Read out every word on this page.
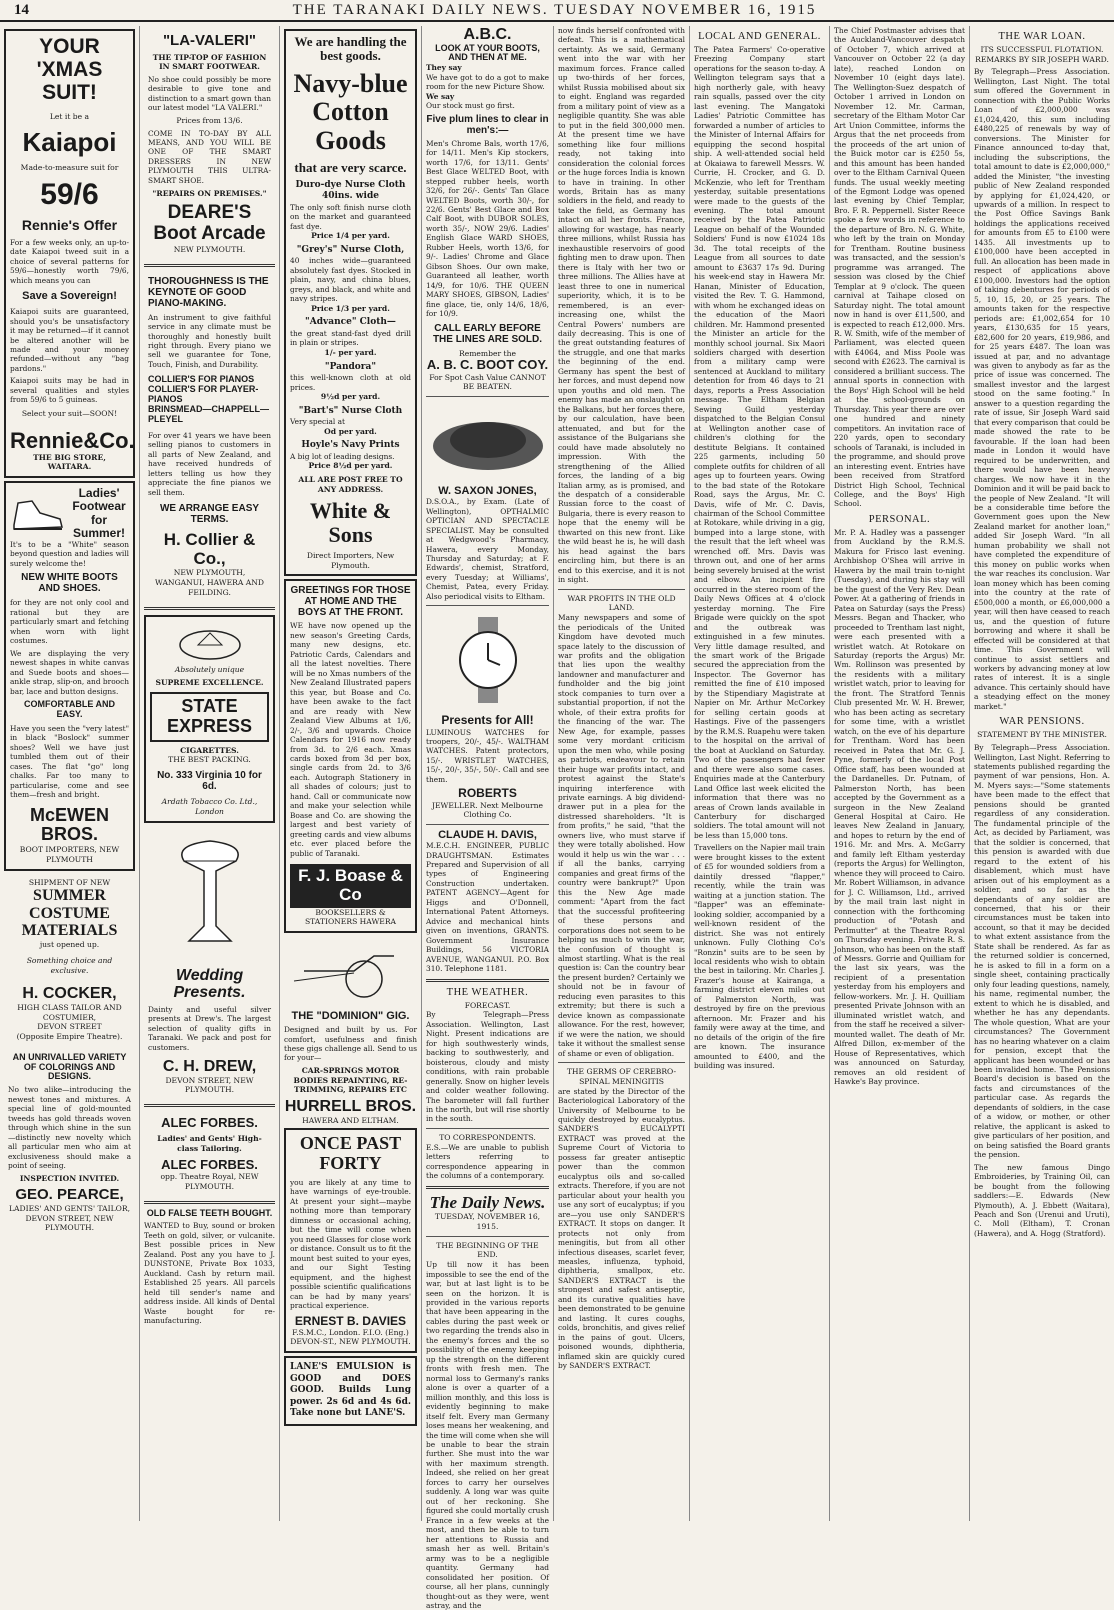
14	THE TARANAKI DAILY NEWS. TUESDAY NOVEMBER 16, 1915
YOUR
'XMAS
SUIT!
Let it be a
Kaiapoi
Made-to-measure suit for
59/6
Rennie's Offer
For a few weeks only, an up-to-date Kaiapoi tweed suit in a choice of several patterns for 59/6—honestly worth 79/6, which means you can
Save a Sovereign!
Kaiapoi suits are guaranteed, should you's be unsatisfactory it may be returned—if it cannot be altered another will be made and your money refunded—without any "bag pardons."
Kaiapoi suits may be had in several qualities and styles from 59/6 to 5 guineas.
Select your suit—SOON!
Rennie&Co.
THE BIG STORE,
WAITARA.
Ladies' Footwear for Summer!
It's to be a "White" season beyond question and ladies will surely welcome the!
NEW WHITE BOOTS AND SHOES.
for they are not only cool and rational but they are particularly smart and fetching when worn with light costumes.
We are displaying the very newest shapes in white canvas and Suede boots and shoes—ankle strap, slip-on, and brooch bar, lace and button designs.
COMFORTABLE AND EASY.
Have you seen the "very latest" in black "Boslock" summer shoes? Well we have just tumbled them out of their cases. The flat "go" long chalks. Far too many to particularise, come and see them—fresh and bright.
McEWEN BROS.
BOOT IMPORTERS, NEW PLYMOUTH
SHIPMENT OF NEW
SUMMER
COSTUME
MATERIALS
just opened up.
Something choice and exclusive.
H. COCKER,
HIGH CLASS TAILOR AND COSTUMIER,
DEVON STREET
(Opposite Empire Theatre).
AN UNRIVALLED VARIETY OF COLORINGS AND DESIGNS.
No two alike—introducing the newest tones and mixtures. A special line of gold-mounted tweeds has gold threads woven through which shine in the sun—distinctly new novelty which all particular men who aim at exclusiveness should make a point of seeing.
INSPECTION INVITED.
GEO. PEARCE,
LADIES' AND GENTS' TAILOR, DEVON STREET, NEW PLYMOUTH.
"LA-VALERI"
THE TIP-TOP OF FASHION IN SMART FOOTWEAR.
No shoe could possibly be more desirable to give tone and distinction to a smart gown than our latest model "LA VALERI."
Prices from 13/6.
COME IN TO-DAY BY ALL MEANS, AND YOU WILL BE ONE OF THE SMART DRESSERS IN NEW PLYMOUTH THIS ULTRA-SMART SHOE.
"REPAIRS ON PREMISES."
DEARE'S Boot Arcade
NEW PLYMOUTH.
THOROUGHNESS IS THE KEYNOTE OF GOOD PIANO-MAKING.
An instrument to give faithful service in any climate must be thoroughly and honestly built right through. Every piano we sell we guarantee for Tone, Touch, Finish, and Durability.
COLLIER'S FOR PIANOS
COLLIER'S FOR PLAYER-PIANOS
BRINSMEAD—CHAPPELL—PLEYEL
For over 41 years we have been selling pianos to customers in all parts of New Zealand, and have received hundreds of letters telling us how they appreciate the fine pianos we sell them.
WE ARRANGE EASY TERMS.
H. Collier & Co.,
NEW PLYMOUTH, WANGANUI, HAWERA AND FEILDING.
Absolutely unique
SUPREME EXCELLENCE.
STATE EXPRESS
CIGARETTES.
THE BEST PACKING.
No. 333 Virginia 10 for 6d.
Ardath Tobacco Co. Ltd., London
Wedding Presents.
Dainty and useful silver presents at Drew's. The largest selection of quality gifts in Taranaki. We pack and post for customers.
C. H. DREW,
DEVON STREET, NEW PLYMOUTH.
ALEC FORBES.
Ladies' and Gents' High-class Tailoring.
ALEC FORBES.
opp. Theatre Royal, NEW PLYMOUTH.
OLD FALSE TEETH BOUGHT.
WANTED to Buy, sound or broken Teeth on gold, silver, or vulcanite. Best possible prices in New Zealand. Post any you have to J. DUNSTONE, Private Box 1033, Auckland. Cash by return mail. Established 25 years. All parcels held till sender's name and address inside. All kinds of Dental Waste bought for re-manufacturing.
We are handling the best goods.
Navy-blue Cotton Goods
that are very scarce.
Duro-dye Nurse Cloth 40ins. wide
The only soft finish nurse cloth on the market and guaranteed fast dye.
Price 1/4 per yard.
"Grey's" Nurse Cloth,
40 inches wide—guaranteed absolutely fast dyes. Stocked in plain, navy, and china blues, greys, and black, and white and navy stripes.
Price 1/3 per yard.
"Advance" Cloth—
the great stand-fast dyed drill in plain or stripes.
1/- per yard.
"Pandora"
this well-known cloth at old prices.
9½d per yard.
"Bart's" Nurse Cloth
Very special at
Od per yard.
Hoyle's Navy Prints
A big lot of leading designs.
Price 8½d per yard.
ALL ARE POST FREE TO ANY ADDRESS.
White & Sons
Direct Importers, New Plymouth.
GREETINGS FOR THOSE AT HOME AND THE BOYS AT THE FRONT.
WE have now opened up the new season's Greeting Cards, many new designs, etc. Patriotic Cards, Calendars and all the latest novelties. There will be no Xmas numbers of the New Zealand Illustrated papers this year, but Boase and Co. have been awake to the fact and are ready with New Zealand View Albums at 1/6, 2/-, 3/6 and upwards. Choice Calendars for 1916 now ready from 3d. to 2/6 each. Xmas cards boxed from 3d per box, single cards from 2d. to 3/6 each. Autograph Stationery in all shades of colours; just to hand. Call or communicate now and make your selection while Boase and Co. are showing the largest and best variety of greeting cards and view albums etc. ever placed before the public of Taranaki.
F. J. Boase & Co
BOOKSELLERS & STATIONERS HAWERA
THE "DOMINION" GIG.
Designed and built by us. For comfort, usefulness and finish these gigs challenge all. Send to us for your—
CAR-SPRINGS MOTOR BODIES REPAINTING, RE-TRIMMING, REPAIRS ETC
HURRELL BROS.
HAWERA AND ELTHAM.
ONCE PAST FORTY
you are likely at any time to have warnings of eye-trouble. At present your sight—maybe nothing more than temporary dimness or occasional aching, but the time will come when you need Glasses for close work or distance. Consult us to fit the mount best suited to your eyes, and our Sight Testing equipment, and the highest possible scientific qualifications can be had by many years' practical experience.
ERNEST B. DAVIES
F.S.M.C., London. F.I.O. (Eng.)
DEVON-ST., NEW PLYMOUTH.
LANE'S EMULSION is GOOD and DOES GOOD. Builds Lung power. 2s 6d and 4s 6d. Take none but LANE'S.
A.B.C.
LOOK AT YOUR BOOTS, AND THEN AT ME.
They say
We have got to do a got to make room for the new Picture Show.
We say
Our stock must go first.
Five plum lines to clear in men's:—
Men's Chrome Bals, worth 17/6, for 14/11. Men's Kip stockers, worth 17/6, for 13/11. Gents' Best Glace WELTED Boot, with stepped rubber heels, worth 32/6, for 26/-. Gents' Tan Glace WELTED Boots, worth 30/-, for 22/6. Gents' Best Glace and Box Calf Boot, with DUBOR SOLES, worth 35/-, NOW 29/6. Ladies' English Glace WARD SHOES, Rubber Heels, worth 13/6, for 9/-. Ladies' Chrome and Glace Gibson Shoes. Our own make, Guaranteed all leather, worth 14/9, for 10/6. THE QUEEN MARY SHOES, GIBSON, Ladies' fine glace, tie, only 14/6, 18/6, for 10/9.
CALL EARLY BEFORE THE LINES ARE SOLD.
Remember the
A. B. C. BOOT COY.
For Spot Cash Value CANNOT BE BEATEN.
W. SAXON JONES,
D.S.O.A., by Exam. (Late of Wellington), OPTHALMIC OPTICIAN AND SPECTACLE SPECIALIST. May be consulted at Wedgwood's Pharmacy, Hawera, every Monday, Thursday and Saturday; at F. Edwards', chemist, Stratford, every Tuesday; at Williams', Chemist, Patea, every Friday. Also periodical visits to Eltham.
Presents for All!
LUMINOUS WATCHES for troopers, 20/-, 45/-. WALTHAM WATCHES. Patent protectors, 15/-. WRISTLET WATCHES, 15/-, 20/-, 35/-, 50/-. Call and see them.
ROBERTS
JEWELLER. Next Melbourne Clothing Co.
CLAUDE H. DAVIS,
M.E.C.H. ENGINEER, PUBLIC DRAUGHTSMAN. Estimates Prepared and Supervision of all types of Engineering Construction undertaken. PATENT AGENCY—Agent for Higgs and O'Donnell, International Patent Attorneys. Advice and mechanical hints given on inventions, GRANTS. Government Insurance Buildings, 56 VICTORIA AVENUE, WANGANUI. P.O. Box 310. Telephone 1181.
THE WEATHER.
FORECAST.
By Telegraph—Press Association. Wellington, Last Night. Present indications are for high southwesterly winds, backing to southwesterly, and boisterous, cloudy and misty conditions, with rain probable generally. Snow on higher levels and colder weather following. The barometer will fall further in the north, but will rise shortly in the south.
TO CORRESPONDENTS.
E.S.—We are unable to publish letters referring to correspondence appearing in the columns of a contemporary.
The Daily News.
TUESDAY, NOVEMBER 16, 1915.
THE BEGINNING OF THE END.
Up till now it has been impossible to see the end of the war, but at last light is to be seen on the horizon. It is provided in the various reports that have been appearing in the cables during the past week or two regarding the trends also in the enemy's forces and the so possibility of the enemy keeping up the strength on the different fronts with fresh men. The normal loss to Germany's ranks alone is over a quarter of a million monthly, and this loss is evidently beginning to make itself felt. Every man Germany loses means her weakening, and the time will come when she will be unable to bear the strain further. She must into the war with her maximum strength. Indeed, she relied on her great forces to carry her ourselves suddenly. A long war was quite out of her reckoning. She figured she could mortally crush France in a few weeks at the most, and then be able to turn her attentions to Russia and smash her as well. Britain's army was to be a negligible quantity. Germany had consolidated her position. Of course, all her plans, cunningly thought-out as they were, went astray, and the
now finds herself confronted with defeat. This is a mathematical certainty. As we said, Germany went into the war with her maximum forces. France called up two-thirds of her forces, whilst Russia mobilised about six to eight. England was regarded from a military point of view as a negligible quantity. She was able to put in the field 300,000 men. At the present time we have something like four millions ready, not taking into consideration the colonial forces or the huge forces India is known to have in training. In other words, Britain has as many soldiers in the field, and ready to take the field, as Germany has intact on all her fronts. France, allowing for wastage, has nearly three millions, whilst Russia has inexhaustible reservoirs of good fighting men to draw upon. Then there is Italy with her two or three millions. The Allies have at least three to one in numerical superiority, which, it is to be remembered, is an ever-increasing one, whilst the Central Powers' numbers are daily decreasing. This is one of the great outstanding features of the struggle, and one that marks the beginning of the end. Germany has spent the best of her forces, and must depend now upon youths and old men. The enemy has made an onslaught on the Balkans, but her forces there, by our calculation, have been attenuated, and but for the assistance of the Bulgarians she could have made absolutely no impression. With the strengthening of the Allied forces, the landing of a big Italian army, as is promised, and the despatch of a considerable Russian force to the coast of Bulgaria, there is every reason to hope that the enemy will be thwarted on this new front. Like the wild beast he is, he will dash his head against the bars encircling him, but there is an end to this exercise, and it is not in sight.
WAR PROFITS IN THE OLD LAND.
Many newspapers and some of the periodicals of the United Kingdom have devoted much space lately to the discussion of war profits and the obligation that lies upon the wealthy landowner and manufacturer and fundholder and the big joint stock companies to turn over a substantial proportion, if not the whole, of their extra profits for the financing of the war. The New Age, for example, passes some very mordant criticism upon the men who, while posing as patriots, endeavour to retain their huge war profits intact, and protest against the State's inquiring interference with private earnings. A big dividend-drawer put in a plea for the distressed shareholders. "It is from profits," he said, "that the owners live, who must starve if they were totally abolished. How would it help us win the war . . . if all the banks, carrying companies and great firms of the country were bankrupt?" Upon this the New Age made comment: "Apart from the fact that the successful profiteering of these persons and corporations does not seem to be helping us much to win the war, the confusion of thought is almost startling. What is the real question is: Can the country bear the present burden? Certainly we should not be in favour of reducing even parasites to this extremity; but there is such a device known as compassionate allowance. For the rest, however, if we were the nation, we should take it without the smallest sense of shame or even of obligation.
THE GERMS OF CEREBRO-SPINAL MENINGITIS
are stated by the Director of the Bacteriological Laboratory of the University of Melbourne to be quickly destroyed by eucalyptus. SANDER'S EUCALYPTI EXTRACT was proved at the Supreme Court of Victoria to possess far greater antiseptic power than the common eucalyptus oils and so-called extracts. Therefore, if you are not particular about your health you use any sort of eucalyptus; if you are—you use only SANDER'S EXTRACT. It stops on danger. It protects not only from meningitis, but from all other infectious diseases, scarlet fever, measles, influenza, typhoid, diphtheria, smallpox, etc. SANDER'S EXTRACT is the strongest and safest antiseptic, and its curative qualities have been demonstrated to be genuine and lasting. It cures coughs, colds, bronchitis, and gives relief in the pains of gout. Ulcers, poisoned wounds, diphtheria, inflamed skin are quickly cured by SANDER'S EXTRACT.
LOCAL AND GENERAL.
The Patea Farmers' Co-operative Freezing Company start operations for the season to-day. A Wellington telegram says that a high northerly gale, with heavy rain squalls, passed over the city last evening. The Mangatoki Ladies' Patriotic Committee has forwarded a number of articles to the Minister of Internal Affairs for equipping the second hospital ship. A well-attended social held at Okaiawa to farewell Messrs. W. Currie, H. Crocker, and G. D. McKenzie, who left for Trentham yesterday, suitable presentations were made to the guests of the evening. The total amount received by the Patea Patriotic League on behalf of the Wounded Soldiers' Fund is now £1024 18s 3d. The total receipts of the League from all sources to date amount to £3637 17s 9d. During his week-end stay in Hawera Mr. Hanan, Minister of Education, visited the Rev. T. G. Hammond, with whom he exchanged ideas on the education of the Maori children. Mr. Hammond presented the Minister an article for the monthly school journal. Six Maori soldiers charged with desertion from a military camp were sentenced at Auckland to military detention for from 46 days to 21 days, reports a Press Association message. The Eltham Belgian Sewing Guild yesterday dispatched to the Belgian Consul at Wellington another case of children's clothing for the destitute Belgians. It contained 225 garments, including 50 complete outfits for children of all ages up to fourteen years. Owing to the bad state of the Rotokare Road, says the Argus, Mr. C. Davis, wife of Mr. C. Davis, chairman of the School Committee at Rotokare, while driving in a gig, bumped into a large stone, with the result that the left wheel was wrenched off. Mrs. Davis was thrown out, and one of her arms being severely bruised at the wrist and elbow. An incipient fire occurred in the stereo room of the Daily News Offices at 4 o'clock yesterday morning. The Fire Brigade were quickly on the spot and the outbreak was extinguished in a few minutes. Very little damage resulted, and the smart work of the Brigade secured the appreciation from the Inspector. The Governor has remitted the fine of £10 imposed by the Stipendiary Magistrate at Napier on Mr. Arthur McCorkey for selling certain goods at Hastings. Five of the passengers by the R.M.S. Ruapehu were taken to the hospital on the arrival of the boat at Auckland on Saturday. Two of the passengers had fever and there were also some cases. Enquiries made at the Canterbury Land Office last week elicited the information that there was no areas of Crown lands available in Canterbury for discharged soldiers. The total amount will not be less than 15,000 tons.
Travellers on the Napier mail train were brought kisses to the extent of £5 for wounded soldiers from a daintily dressed "flapper," recently, while the train was waiting at a junction station. The "flapper" was an effeminate-looking soldier, accompanied by a well-known resident of the district. She was not entirely unknown. Fully Clothing Co's "Ronzin" suits are to be seen by local residents who wish to obtain the best in tailoring. Mr. Charles J. Frazer's house at Kairanga, a farming district eleven miles out of Palmerston North, was destroyed by fire on the previous afternoon. Mr. Frazer and his family were away at the time, and no details of the origin of the fire are known. The insurance amounted to £400, and the building was insured.
The Chief Postmaster advises that the Auckland-Vancouver despatch of October 7, which arrived at Vancouver on October 22 (a day late), reached London on November 10 (eight days late). The Wellington-Suez despatch of October 1 arrived in London on November 12. Mr. Carman, secretary of the Eltham Motor Car Art Union Committee, informs the Argus that the net proceeds from the proceeds of the art union of the Buick motor car is £250 5s, and this amount has been handed over to the Eltham Carnival Queen funds. The usual weekly meeting of the Egmont Lodge was opened last evening by Chief Templar, Bro. F. R. Peppernell. Sister Reece spoke a few words in reference to the departure of Bro. N. G. White, who left by the train on Monday for Trentham. Routine business was transacted, and the session's programme was arranged. The session was closed by the Chief Templar at 9 o'clock. The queen carnival at Taihape closed on Saturday night. The total amount now in hand is over £11,500, and is expected to reach £12,000. Mrs. R. W. Smith, wife of the member of Parliament, was elected queen with £4064, and Miss Poole was second with £2623. The carnival is considered a brilliant success. The annual sports in connection with the Boys' High School will be held at the school-grounds on Thursday. This year there are over one hundred and ninety competitors. An invitation race of 220 yards, open to secondary schools of Taranaki, is included in the programme, and should prove an interesting event. Entries have been received from Stratford District High School, Technical College, and the Boys' High School.
PERSONAL.
Mr. P. A. Hadley was a passenger from Auckland by the R.M.S. Makura for Frisco last evening. Archbishop O'Shea will arrive in Hawera by the mail train to-night (Tuesday), and during his stay will be the guest of the Very Rev. Dean Power. At a gathering of friends in Patea on Saturday (says the Press) Messrs. Began and Thacker, who proceeded to Trentham last night, were each presented with a wristlet watch. At Rotokare on Saturday (reports the Argus) Mr. Wm. Rollinson was presented by the residents with a military wristlet watch, prior to leaving for the front. The Stratford Tennis Club presented Mr. W. H. Brewer, who has been acting as secretary for some time, with a wristlet watch, on the eve of his departure for Trentham. Word has been received in Patea that Mr. G. J. Pyne, formerly of the local Post Office staff, has been wounded at the Dardanelles. Dr. Putnam, of Palmerston North, has been accepted by the Government as a surgeon in the New Zealand General Hospital at Cairo. He leaves New Zealand in January, and hopes to return by the end of 1916. Mr. and Mrs. A. McGarry and family left Eltham yesterday (reports the Argus) for Wellington, whence they will proceed to Cairo. Mr. Robert Williamson, in advance for J. C. Williamson, Ltd., arrived by the mail train last night in connection with the forthcoming production of "Potash and Perlmutter" at the Theatre Royal on Thursday evening. Private R. S. Johnson, who has been on the staff of Messrs. Gorrie and Quilliam for the last six years, was the recipient of a presentation yesterday from his employers and fellow-workers. Mr. J. H. Quilliam presented Private Johnson with an illuminated wristlet watch, and from the staff he received a silver-mounted wallet. The death of Mr. Alfred Dillon, ex-member of the House of Representatives, which was announced on Saturday, removes an old resident of Hawke's Bay province.
THE WAR LOAN.
ITS SUCCESSFUL FLOTATION.
REMARKS BY SIR JOSEPH WARD.
By Telegraph—Press Association. Wellington, Last Night. The total sum offered the Government in connection with the Public Works Loan of £2,000,000 was £1,024,420, this sum including £480,225 of renewals by way of conversions. The Minister for Finance announced to-day that, including the subscriptions, the total amount to date is £2,000,000," added the Minister, "the investing public of New Zealand responded by applying for £1,024,420, or upwards of a million. In respect to the Post Office Savings Bank holdings the applications received for amounts from £5 to £100 were 1435. All investments up to £100,000 have been accepted in full. An allocation has been made in respect of applications above £100,000. Investors had the option of taking debentures for periods of 5, 10, 15, 20, or 25 years. The amounts taken for the respective periods are: £1,002,654 for 10 years, £130,635 for 15 years, £82,600 for 20 years, £19,986, and for 25 years £487. The loan was issued at par, and no advantage was given to anybody as far as the price of issue was concerned. The smallest investor and the largest stood on the same footing." In answer to a question regarding the rate of issue, Sir Joseph Ward said that every comparison that could be made showed the rate to be favourable. If the loan had been made in London it would have required to be underwritten, and there would have been heavy charges. We now have it in the Dominion and it will be paid back to the people of New Zealand. "It will be a considerable time before the Government goes upon the New Zealand market for another loan," added Sir Joseph Ward. "In all human probability we shall not have completed the expenditure of this money on public works when the war reaches its conclusion. War loan money which has been coming into the country at the rate of £500,000 a month, or £6,000,000 a year, will then have ceased to reach us, and the question of future borrowing and where it shall be effected will be considered at that time. This Government will continue to assist settlers and workers by advancing money at low rates of interest. It is a single advance. This certainly should have a steadying effect on the money market."
WAR PENSIONS.
STATEMENT BY THE MINISTER.
By Telegraph—Press Association. Wellington, Last Night. Referring to statements published regarding the payment of war pensions, Hon. A. M. Myers says:—"Some statements have been made to the effect that pensions should be granted regardless of any consideration. The fundamental principle of the Act, as decided by Parliament, was that the soldier is concerned, that this pension is awarded with due regard to the extent of his disablement, which must have arisen out of his employment as a soldier, and so far as the dependants of any soldier are concerned, that his or their circumstances must be taken into account, so that it may be decided to what extent assistance from the State shall be rendered. As far as the returned soldier is concerned, he is asked to fill in a form on a single sheet, containing practically only four leading questions, namely, his name, regimental number, the extent to which he is disabled, and whether he has any dependants. The whole question, What are your circumstances? The Government has no hearing whatever on a claim for pension, except that the applicant has been wounded or has been invalided home. The Pensions Board's decision is based on the facts and circumstances of the particular case. As regards the dependants of soldiers, in the case of a widow, or mother, or other relative, the applicant is asked to give particulars of her position, and on being satisfied the Board grants the pension.
The new famous Dingo Embroideries, by Training Oil, can be bought from the following saddlers:—E. Edwards (New Plymouth), A. J. Ebbett (Waitara), Peach and Son (Urenui and Uruti), C. Moll (Eltham), T. Cronan (Hawera), and A. Hogg (Stratford).
